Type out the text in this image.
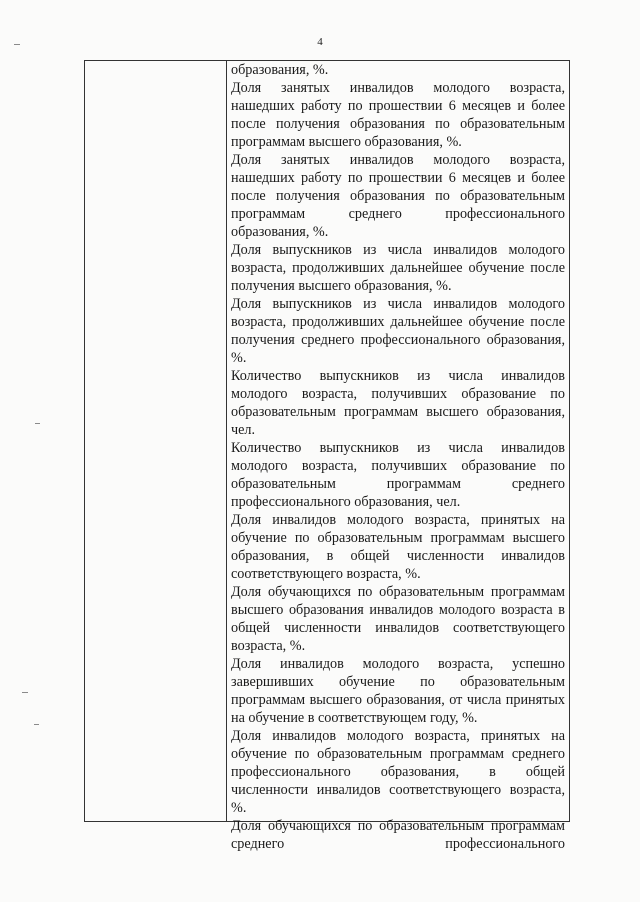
4

образования, %.

Доля занятых инвалидов молодого возраста, нашедших работу по прошествии 6 месяцев и более после получения образования по образовательным программам высшего образования, %.

Доля занятых инвалидов молодого возраста, нашедших работу по прошествии 6 месяцев и более после получения образования по образовательным программам среднего профессионального образования, %.

Доля выпускников из числа инвалидов молодого возраста, продолживших дальнейшее обучение после получения высшего образования, %.

Доля выпускников из числа инвалидов молодого возраста, продолживших дальнейшее обучение после получения среднего профессионального образования, %.

Количество выпускников из числа инвалидов молодого возраста, получивших образование по образовательным программам высшего образования, чел.

Количество выпускников из числа инвалидов молодого возраста, получивших образование по образовательным программам среднего профессионального образования, чел.

Доля инвалидов молодого возраста, принятых на обучение по образовательным программам высшего образования, в общей численности инвалидов соответствующего возраста, %.

Доля обучающихся по образовательным программам высшего образования инвалидов молодого возраста в общей численности инвалидов соответствующего возраста, %.

Доля инвалидов молодого возраста, успешно завершивших обучение по образовательным программам высшего образования, от числа принятых на обучение в соответствующем году, %.

Доля инвалидов молодого возраста, принятых на обучение по образовательным программам среднего профессионального образования, в общей численности инвалидов соответствующего возраста, %.

Доля обучающихся по образовательным программам среднего профессионального
